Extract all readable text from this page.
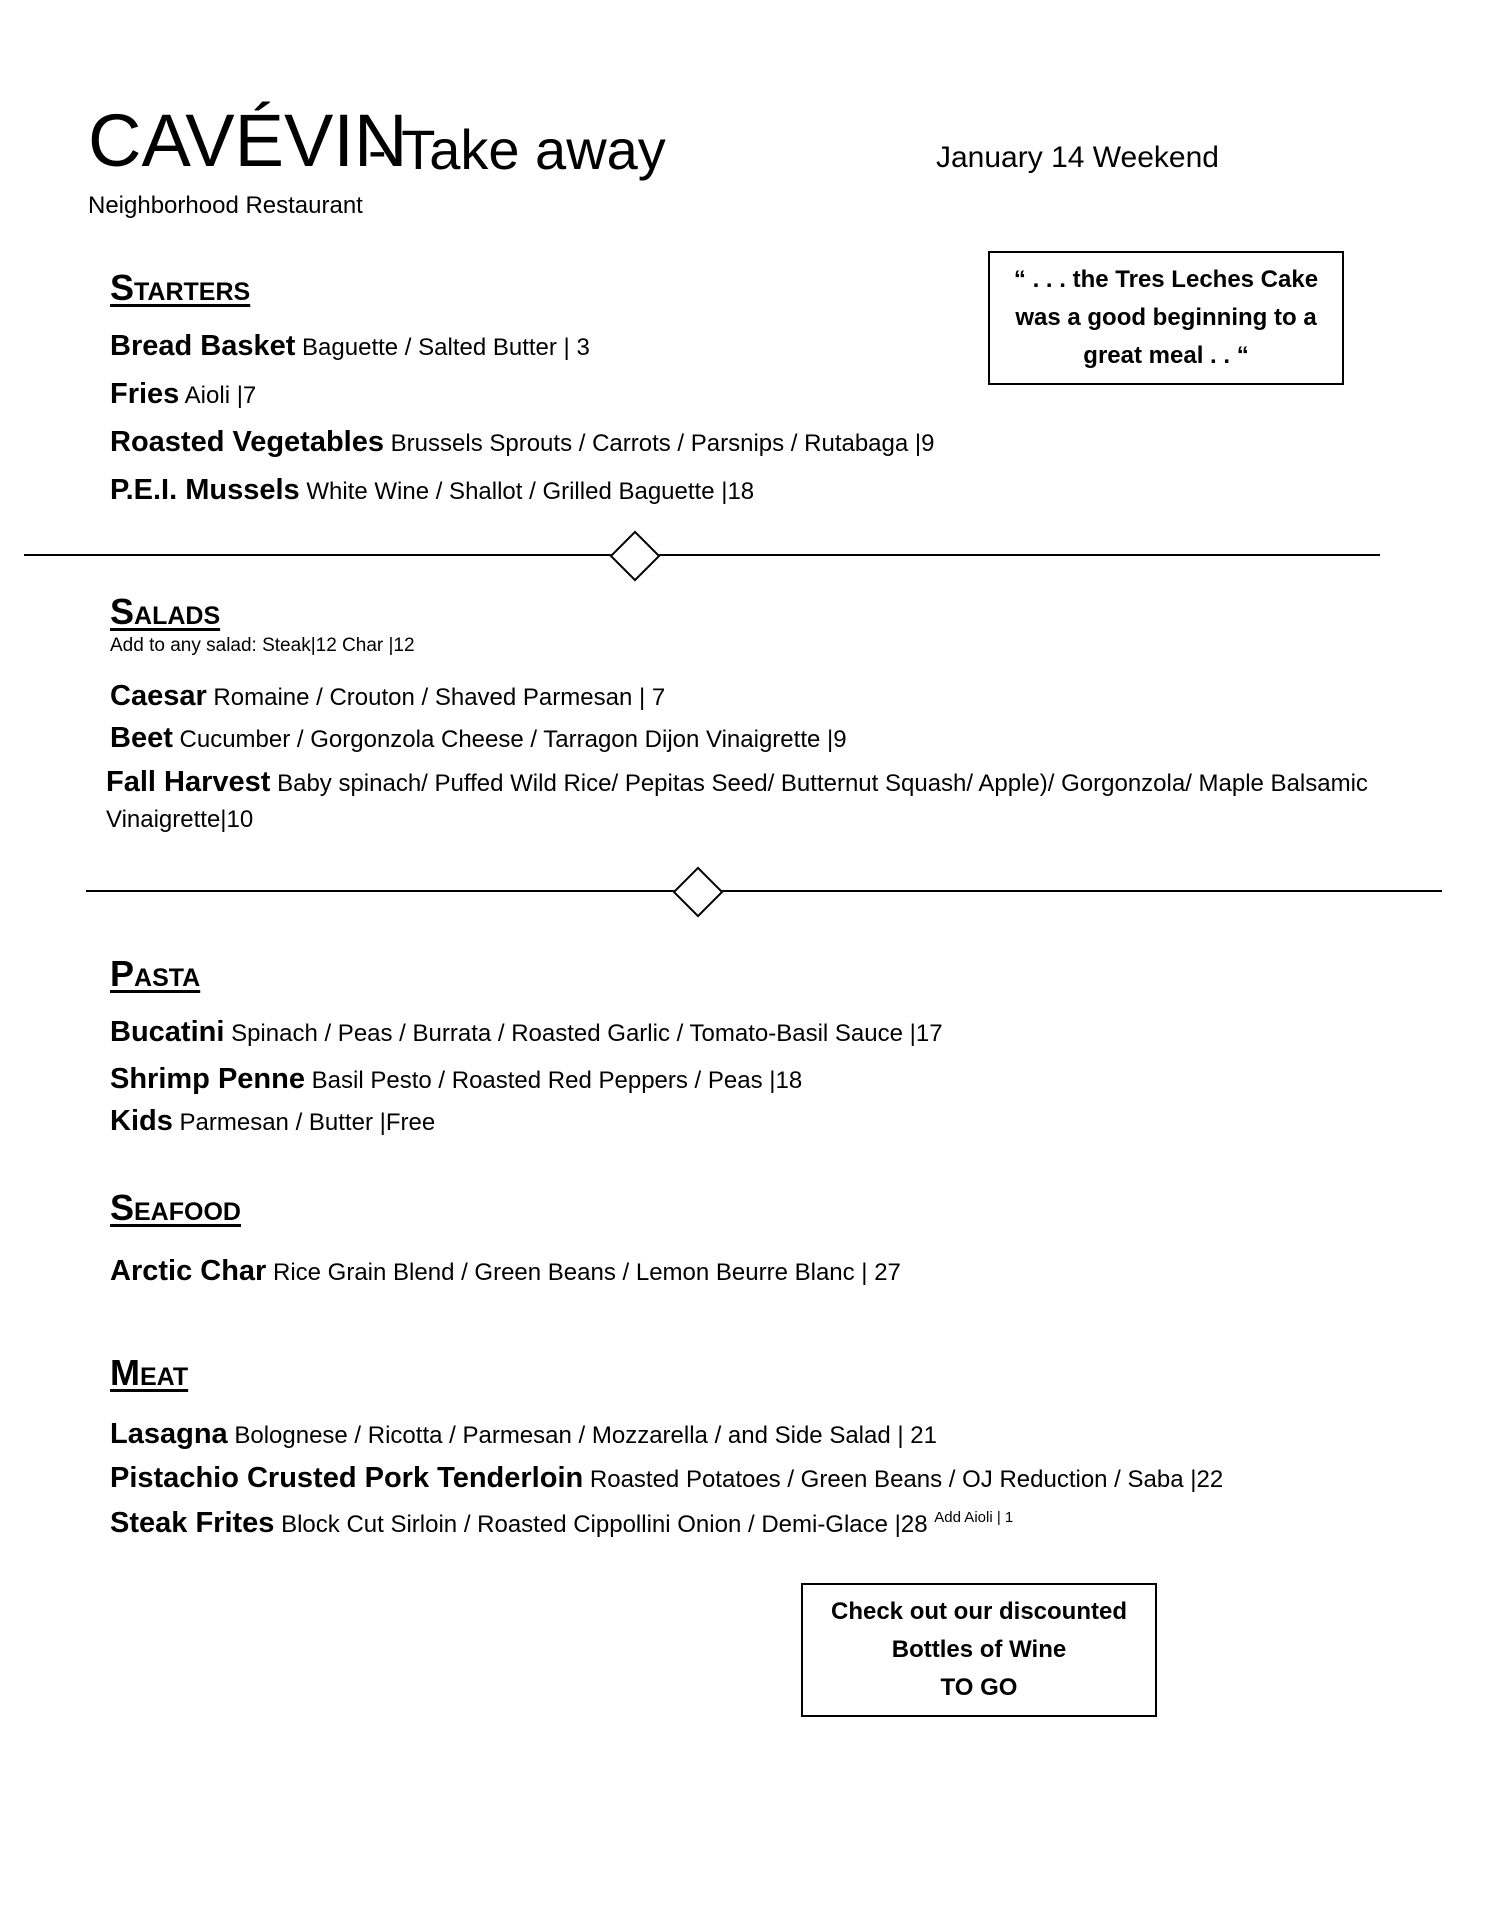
CAVÉVIN
- Take away	January 14 Weekend
Neighborhood Restaurant
“ . . . the Tres Leches Cake
was a good beginning to a
great meal . . “
Starters
Bread Basket Baguette / Salted Butter | 3
Fries Aioli |7
Roasted Vegetables Brussels Sprouts / Carrots / Parsnips / Rutabaga |9
P.E.I. Mussels White Wine / Shallot / Grilled Baguette |18
Salads
Add to any salad: Steak|12 Char |12
Caesar Romaine / Crouton / Shaved Parmesan | 7
Beet Cucumber / Gorgonzola Cheese / Tarragon Dijon Vinaigrette |9
Fall Harvest Baby spinach/ Puffed Wild Rice/ Pepitas Seed/ Butternut Squash/ Apple)/ Gorgonzola/ Maple Balsamic Vinaigrette|10
Pasta
Bucatini Spinach / Peas / Burrata / Roasted Garlic / Tomato-Basil Sauce |17
Shrimp Penne Basil Pesto / Roasted Red Peppers / Peas |18
Kids Parmesan / Butter |Free
Seafood
Arctic Char Rice Grain Blend / Green Beans / Lemon Beurre Blanc | 27
Meat
Lasagna Bolognese / Ricotta / Parmesan / Mozzarella / and Side Salad | 21
Pistachio Crusted Pork Tenderloin Roasted Potatoes / Green Beans / OJ Reduction / Saba |22
Steak Frites Block Cut Sirloin / Roasted Cippollini Onion / Demi-Glace |28 $^{Add Aioli | 1}$
Check out our discounted
Bottles of Wine
TO GO
